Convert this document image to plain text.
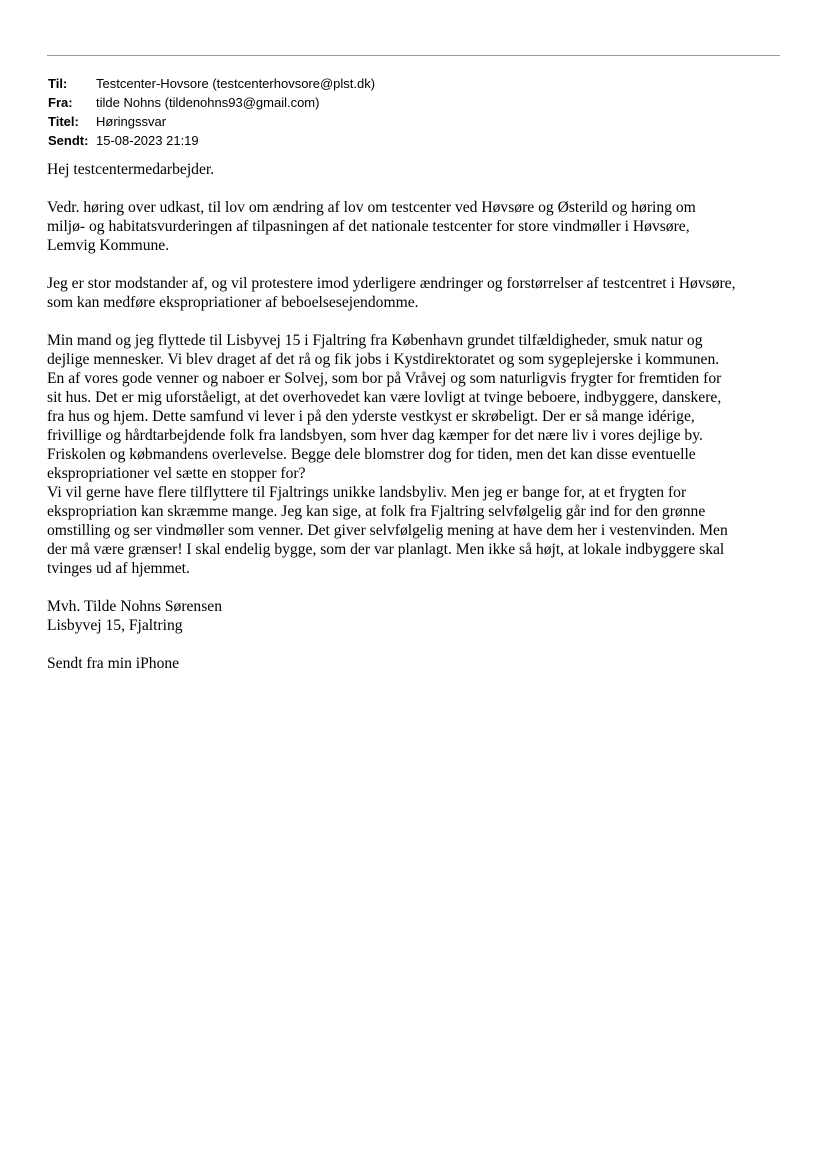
Til:	Testcenter-Hovsore (testcenterhovsore@plst.dk)
Fra:	tilde Nohns (tildenohns93@gmail.com)
Titel:	Høringssvar
Sendt: 15-08-2023 21:19
Hej testcentermedarbejder.
Vedr. høring over udkast, til lov om ændring af lov om testcenter ved Høvsøre og Østerild og høring om
miljø- og habitatsvurderingen af tilpasningen af det nationale testcenter for store vindmøller i Høvsøre,
Lemvig Kommune.
Jeg er stor modstander af, og vil protestere imod yderligere ændringer og forstørrelser af testcentret i Høvsøre,
som kan medføre ekspropriationer af beboelsesejendomme.
Min mand og jeg flyttede til Lisbyvej 15 i Fjaltring fra København grundet tilfældigheder, smuk natur og
dejlige mennesker. Vi blev draget af det rå og fik jobs i Kystdirektoratet og som sygeplejerske i kommunen.
En af vores gode venner og naboer er Solvej, som bor på Vråvej og som naturligvis frygter for fremtiden for
sit hus. Det er mig uforståeligt, at det overhovedet kan være lovligt at tvinge beboere, indbyggere, danskere,
fra hus og hjem. Dette samfund vi lever i på den yderste vestkyst er skrøbeligt. Der er så mange idérige,
frivillige og hårdtarbejdende folk fra landsbyen, som hver dag kæmper for det nære liv i vores dejlige by.
Friskolen og købmandens overlevelse. Begge dele blomstrer dog for tiden, men det kan disse eventuelle
ekspropriationer vel sætte en stopper for?
Vi vil gerne have flere tilflyttere til Fjaltrings unikke landsbyliv. Men jeg er bange for, at et frygten for
ekspropriation kan skræmme mange. Jeg kan sige, at folk fra Fjaltring selvfølgelig går ind for den grønne
omstilling og ser vindmøller som venner. Det giver selvfølgelig mening at have dem her i vestenvinden. Men
der må være grænser! I skal endelig bygge, som der var planlagt. Men ikke så højt, at lokale indbyggere skal
tvinges ud af hjemmet.
Mvh. Tilde Nohns Sørensen
Lisbyvej 15, Fjaltring
Sendt fra min iPhone
